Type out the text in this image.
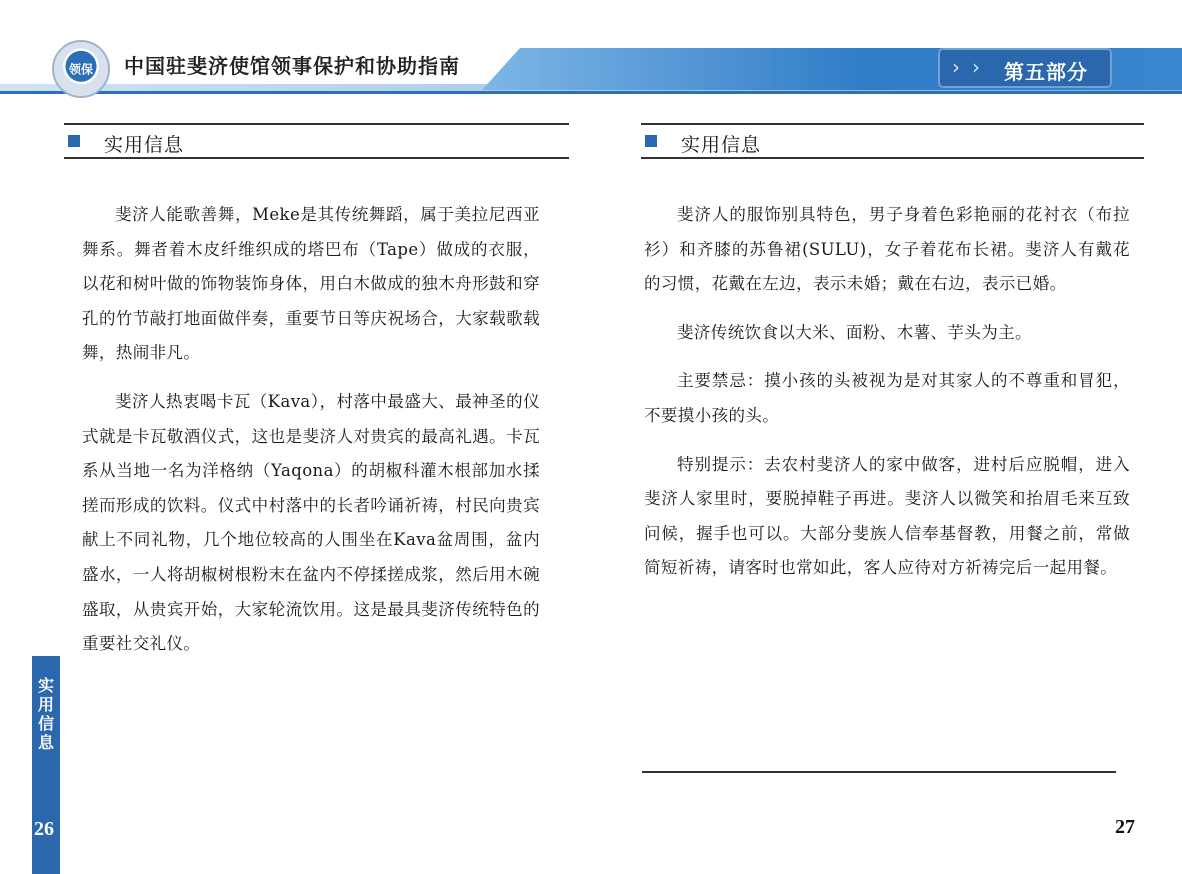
领保 中国驻斐济使馆领事保护和协助指南	› › 第五部分
实用信息

斐济人能歌善舞，Meke是其传统舞蹈，属于美拉尼西亚舞系。舞者着木皮纤维织成的塔巴布（Tape）做成的衣服，以花和树叶做的饰物装饰身体，用白木做成的独木舟形鼓和穿孔的竹节敲打地面做伴奏，重要节日等庆祝场合，大家载歌载舞，热闹非凡。

斐济人热衷喝卡瓦（Kava），村落中最盛大、最神圣的仪式就是卡瓦敬酒仪式，这也是斐济人对贵宾的最高礼遇。卡瓦系从当地一名为洋格纳（Yaqona）的胡椒科灌木根部加水揉搓而形成的饮料。仪式中村落中的长者吟诵祈祷，村民向贵宾献上不同礼物，几个地位较高的人围坐在Kava盆周围，盆内盛水，一人将胡椒树根粉末在盆内不停揉搓成浆，然后用木碗盛取，从贵宾开始，大家轮流饮用。这是最具斐济传统特色的重要社交礼仪。

实
用
信
息
26
实用信息

斐济人的服饰别具特色，男子身着色彩艳丽的花衬衣（布拉衫）和齐膝的苏鲁裙(SULU)，女子着花布长裙。斐济人有戴花的习惯，花戴在左边，表示未婚；戴在右边，表示已婚。

斐济传统饮食以大米、面粉、木薯、芋头为主。

主要禁忌：摸小孩的头被视为是对其家人的不尊重和冒犯，不要摸小孩的头。

特别提示：去农村斐济人的家中做客，进村后应脱帽，进入斐济人家里时，要脱掉鞋子再进。斐济人以微笑和抬眉毛来互致问候，握手也可以。大部分斐族人信奉基督教，用餐之前，常做简短祈祷，请客时也常如此，客人应待对方祈祷完后一起用餐。

27
